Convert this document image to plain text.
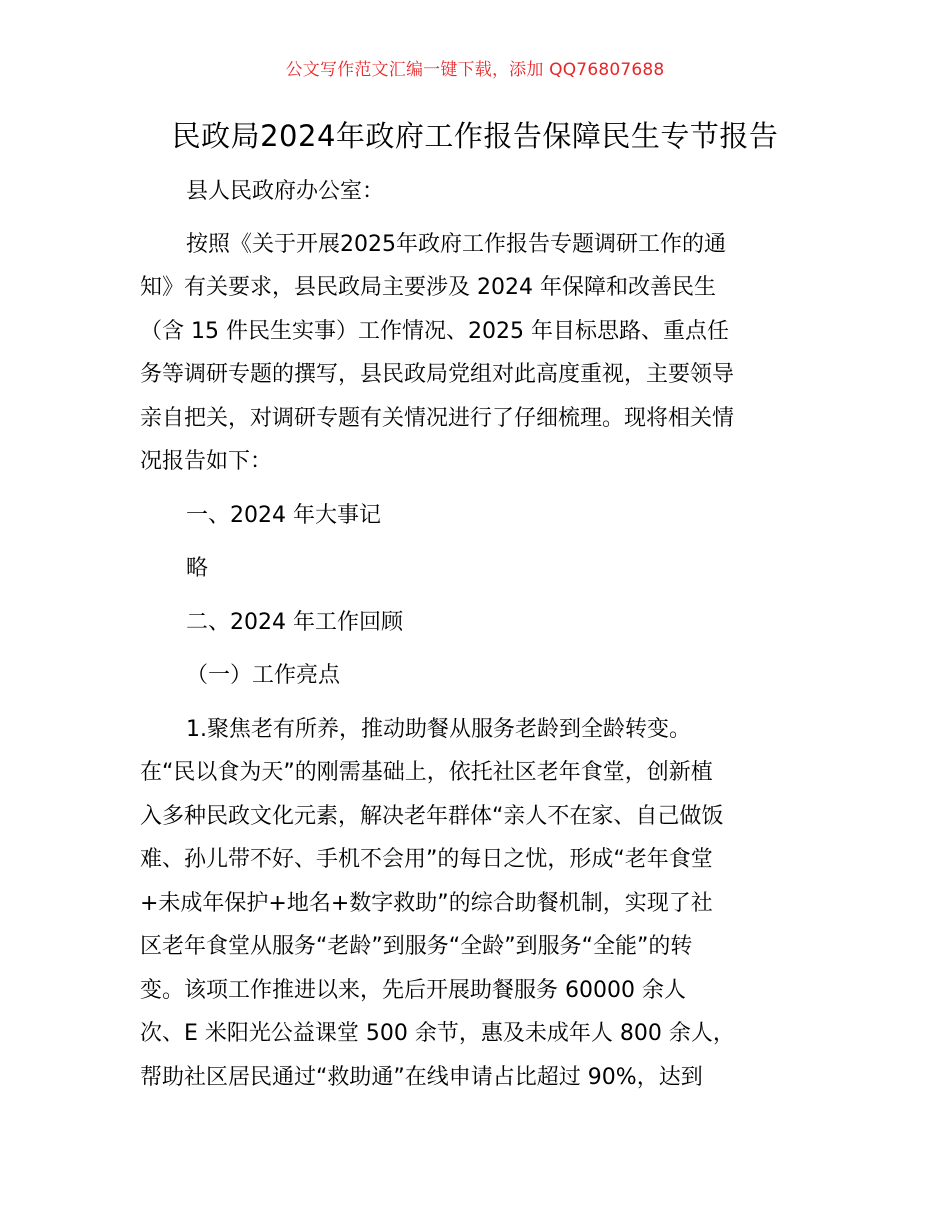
公文写作范文汇编一键下载，添加 QQ76807688
民政局2024年政府工作报告保障民生专节报告

县人民政府办公室：

按照《关于开展2025年政府工作报告专题调研工作的通

知》有关要求，县民政局主要涉及 2024 年保障和改善民生

（含 15 件民生实事）工作情况、2025 年目标思路、重点任

务等调研专题的撰写，县民政局党组对此高度重视，主要领导

亲自把关，对调研专题有关情况进行了仔细梳理。现将相关情

况报告如下：

一、2024 年大事记

略

二、2024 年工作回顾

（一）工作亮点

1.聚焦老有所养，推动助餐从服务老龄到全龄转变。

在“民以食为天”的刚需基础上，依托社区老年食堂，创新植

入多种民政文化元素，解决老年群体“亲人不在家、自己做饭

难、孙儿带不好、手机不会用”的每日之忧，形成“老年食堂

+未成年保护+地名+数字救助”的综合助餐机制，实现了社

区老年食堂从服务“老龄”到服务“全龄”到服务“全能”的转

变。该项工作推进以来，先后开展助餐服务 60000 余人

次、E 米阳光公益课堂 500 余节，惠及未成年人 800 余人，

帮助社区居民通过“救助通”在线申请占比超过 90%，达到
